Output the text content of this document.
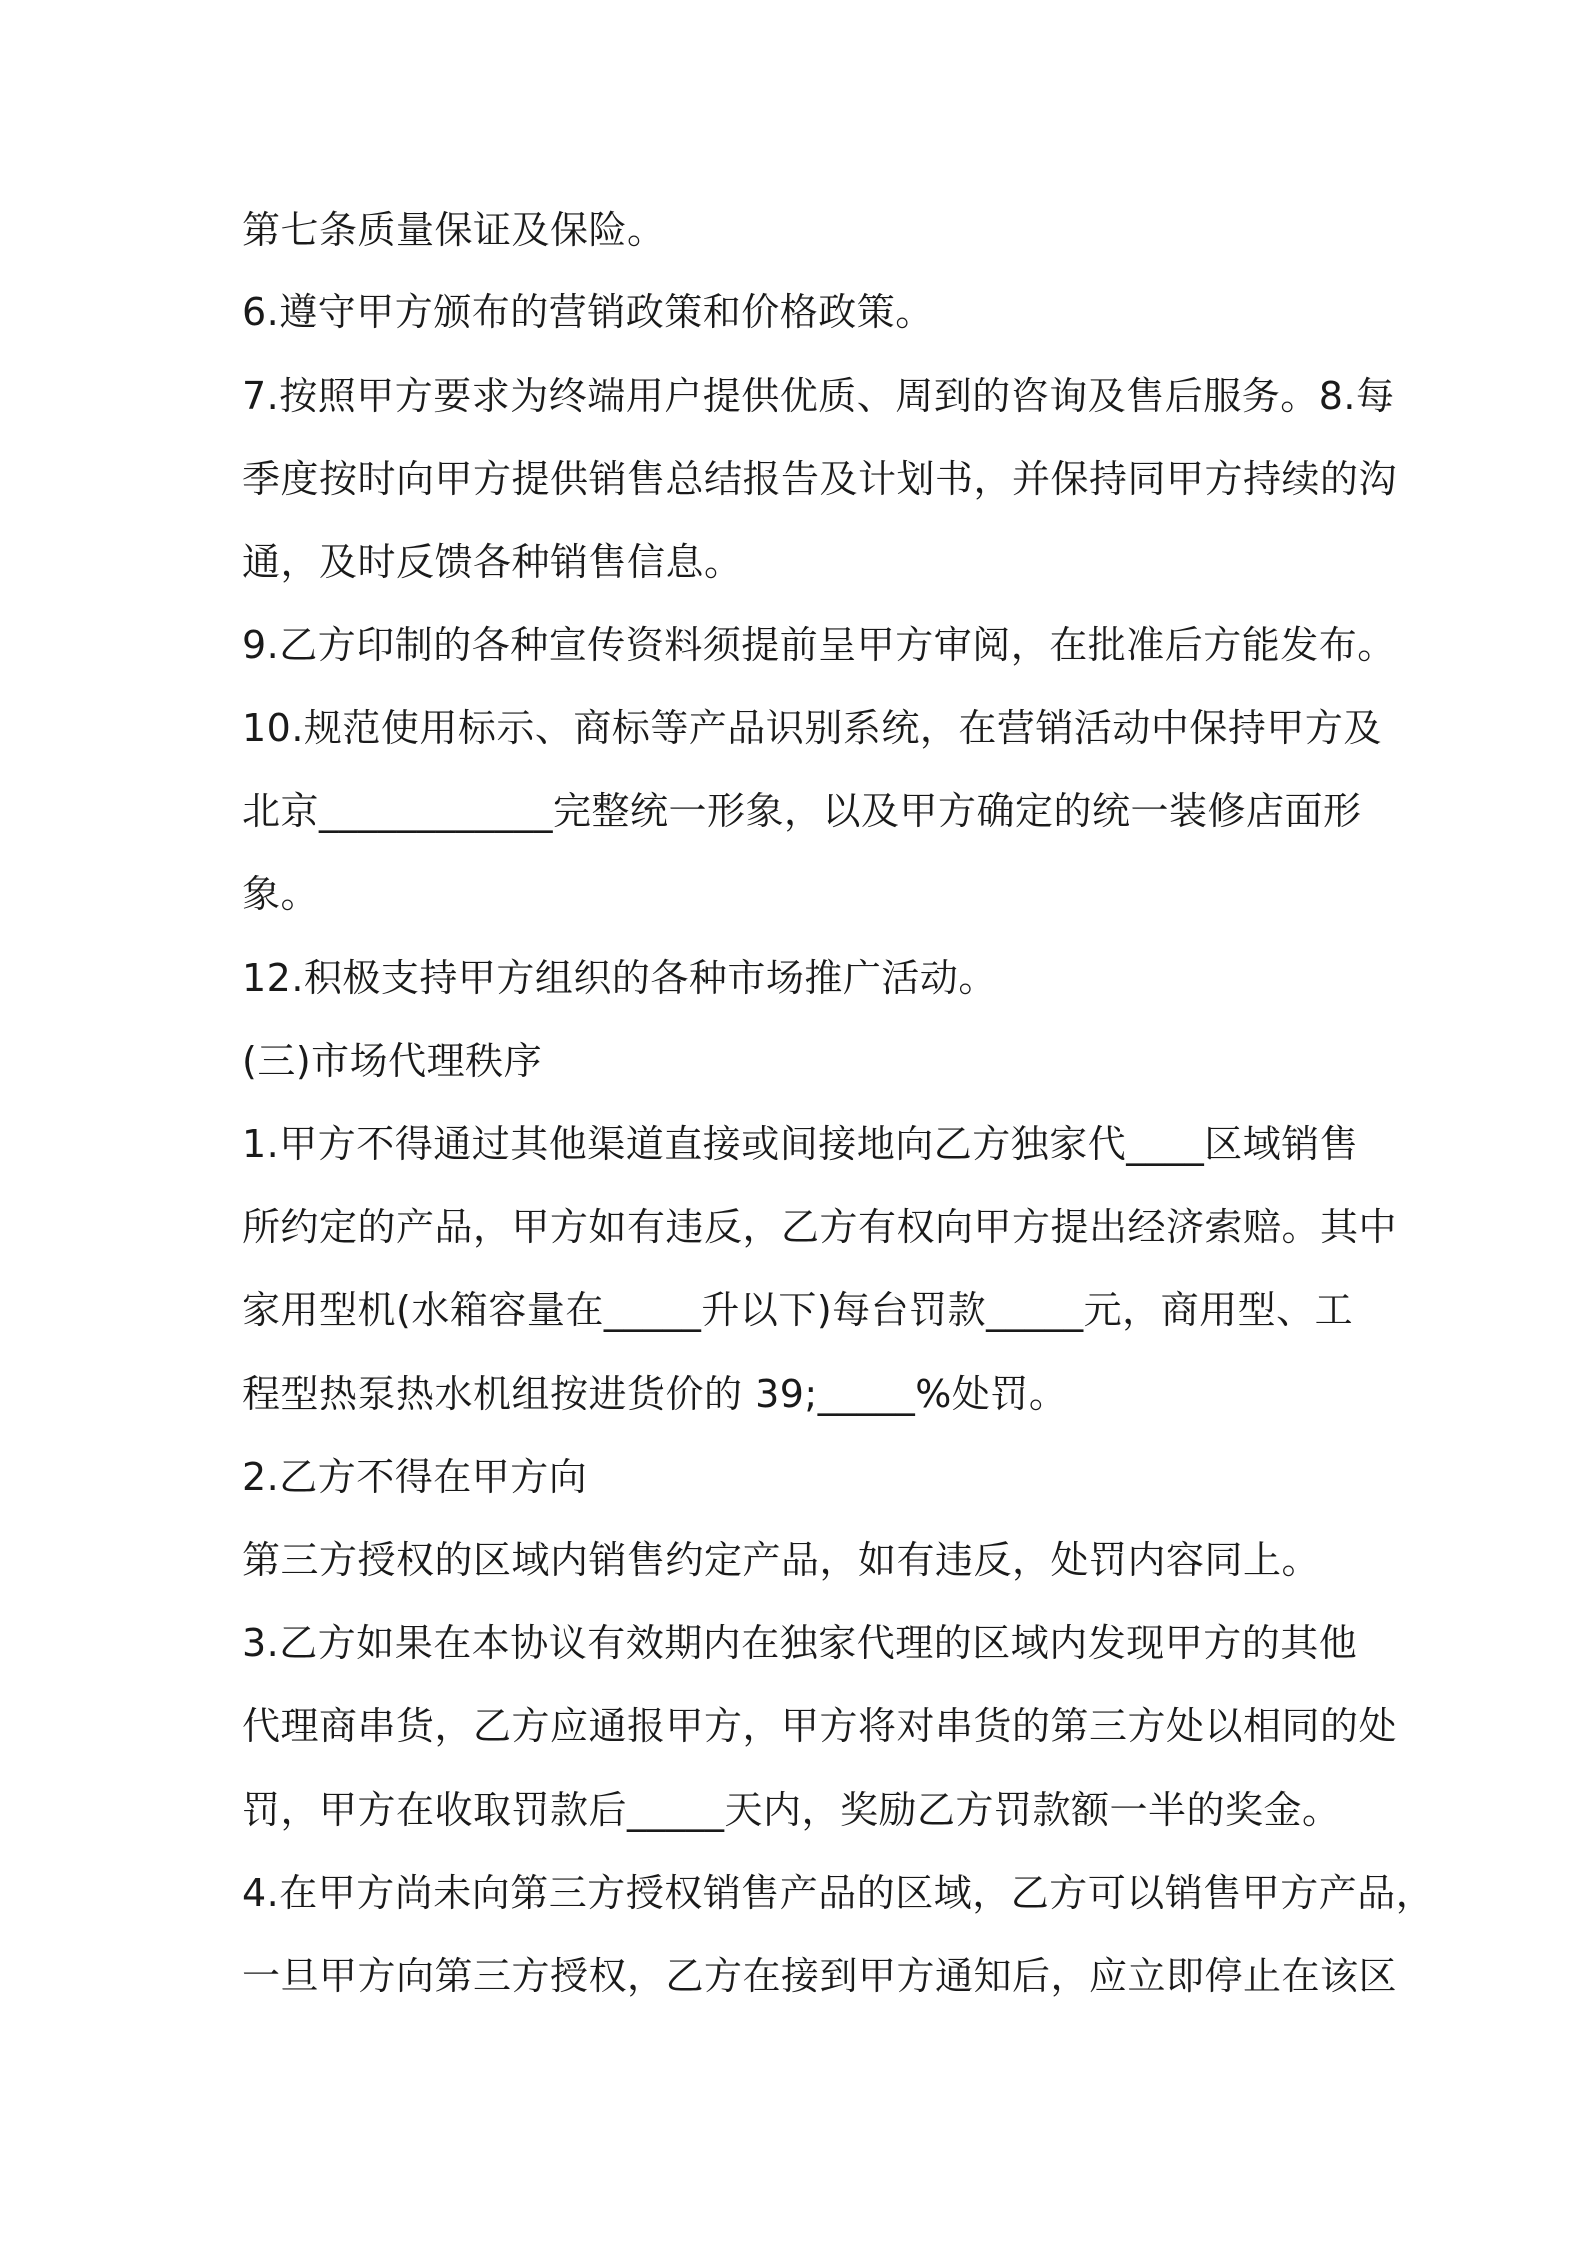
第七条质量保证及保险。

6.遵守甲方颁布的营销政策和价格政策。

7.按照甲方要求为终端用户提供优质、周到的咨询及售后服务。8.每

季度按时向甲方提供销售总结报告及计划书，并保持同甲方持续的沟

通，及时反馈各种销售信息。

9.乙方印制的各种宣传资料须提前呈甲方审阅，在批准后方能发布。

10.规范使用标示、商标等产品识别系统，在营销活动中保持甲方及

北京____________完整统一形象，以及甲方确定的统一装修店面形

象。

12.积极支持甲方组织的各种市场推广活动。

(三)市场代理秩序

1.甲方不得通过其他渠道直接或间接地向乙方独家代____区域销售

所约定的产品，甲方如有违反，乙方有权向甲方提出经济索赔。其中

家用型机(水箱容量在_____升以下)每台罚款_____元，商用型、工

程型热泵热水机组按进货价的 39;_____%处罚。

2.乙方不得在甲方向

第三方授权的区域内销售约定产品，如有违反，处罚内容同上。

3.乙方如果在本协议有效期内在独家代理的区域内发现甲方的其他

代理商串货，乙方应通报甲方，甲方将对串货的第三方处以相同的处

罚，甲方在收取罚款后_____天内，奖励乙方罚款额一半的奖金。

4.在甲方尚未向第三方授权销售产品的区域，乙方可以销售甲方产品，

一旦甲方向第三方授权，乙方在接到甲方通知后，应立即停止在该区
